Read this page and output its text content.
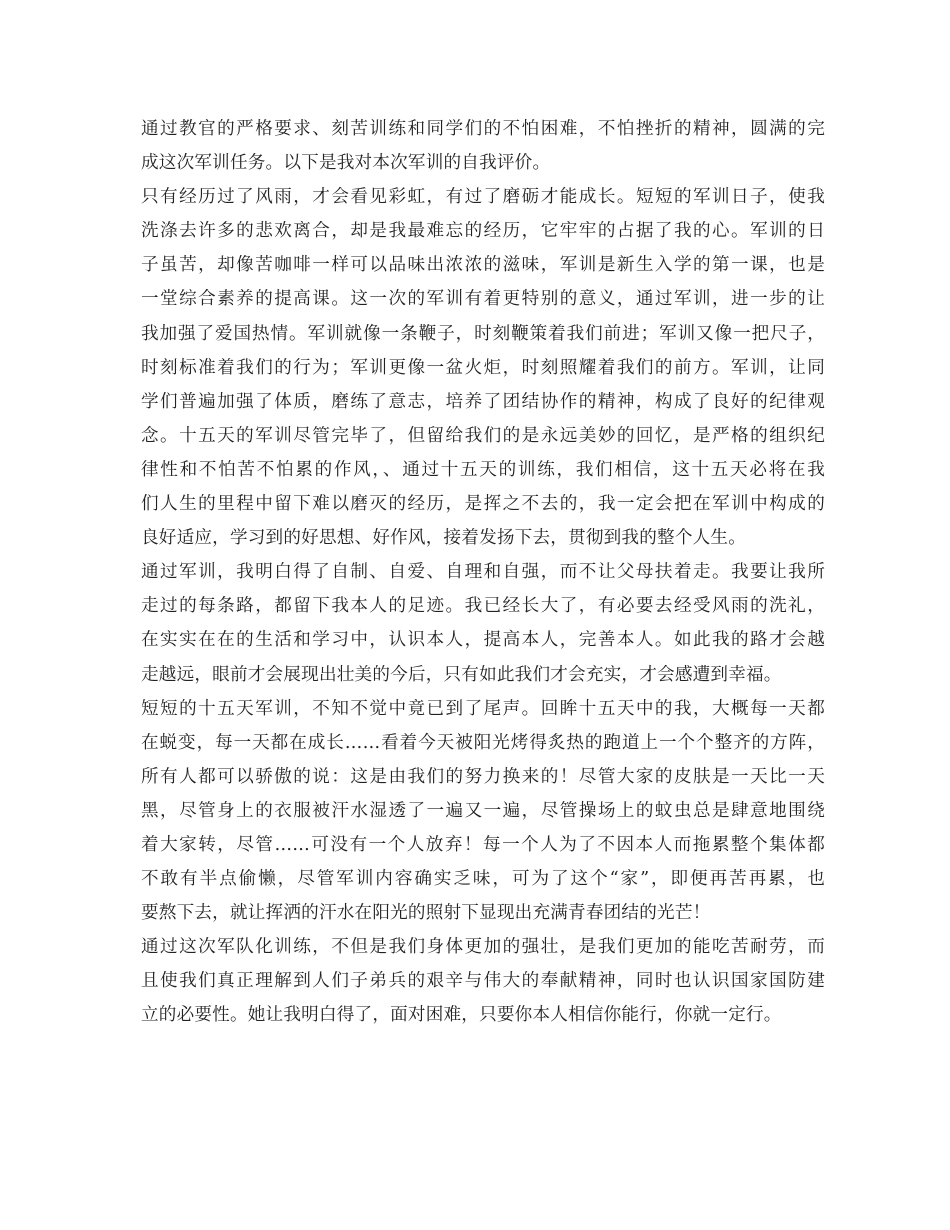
通过教官的严格要求、刻苦训练和同学们的不怕困难，不怕挫折的精神，圆满的完
成这次军训任务。以下是我对本次军训的自我评价。
只有经历过了风雨，才会看见彩虹，有过了磨砺才能成长。短短的军训日子，使我
洗涤去许多的悲欢离合，却是我最难忘的经历，它牢牢的占据了我的心。军训的日
子虽苦，却像苦咖啡一样可以品味出浓浓的滋味，军训是新生入学的第一课，也是
一堂综合素养的提高课。这一次的军训有着更特别的意义，通过军训，进一步的让
我加强了爱国热情。军训就像一条鞭子，时刻鞭策着我们前进；军训又像一把尺子，
时刻标准着我们的行为；军训更像一盆火炬，时刻照耀着我们的前方。军训，让同
学们普遍加强了体质，磨练了意志，培养了团结协作的精神，构成了良好的纪律观
念。十五天的军训尽管完毕了，但留给我们的是永远美妙的回忆，是严格的组织纪
律性和不怕苦不怕累的作风，、通过十五天的训练，我们相信，这十五天必将在我
们人生的里程中留下难以磨灭的经历，是挥之不去的，我一定会把在军训中构成的
良好适应，学习到的好思想、好作风，接着发扬下去，贯彻到我的整个人生。
通过军训，我明白得了自制、自爱、自理和自强，而不让父母扶着走。我要让我所
走过的每条路，都留下我本人的足迹。我已经长大了，有必要去经受风雨的洗礼，
在实实在在的生活和学习中，认识本人，提高本人，完善本人。如此我的路才会越
走越远，眼前才会展现出壮美的今后，只有如此我们才会充实，才会感遭到幸福。
短短的十五天军训，不知不觉中竟已到了尾声。回眸十五天中的我，大概每一天都
在蜕变，每一天都在成长……看着今天被阳光烤得炙热的跑道上一个个整齐的方阵，
所有人都可以骄傲的说：这是由我们的努力换来的！尽管大家的皮肤是一天比一天
黑，尽管身上的衣服被汗水湿透了一遍又一遍，尽管操场上的蚊虫总是肆意地围绕
着大家转，尽管……可没有一个人放弃！每一个人为了不因本人而拖累整个集体都
不敢有半点偷懒，尽管军训内容确实乏味，可为了这个“家”，即便再苦再累，也
要熬下去，就让挥洒的汗水在阳光的照射下显现出充满青春团结的光芒！
通过这次军队化训练，不但是我们身体更加的强壮，是我们更加的能吃苦耐劳，而
且使我们真正理解到人们子弟兵的艰辛与伟大的奉献精神，同时也认识国家国防建
立的必要性。她让我明白得了，面对困难，只要你本人相信你能行，你就一定行。
